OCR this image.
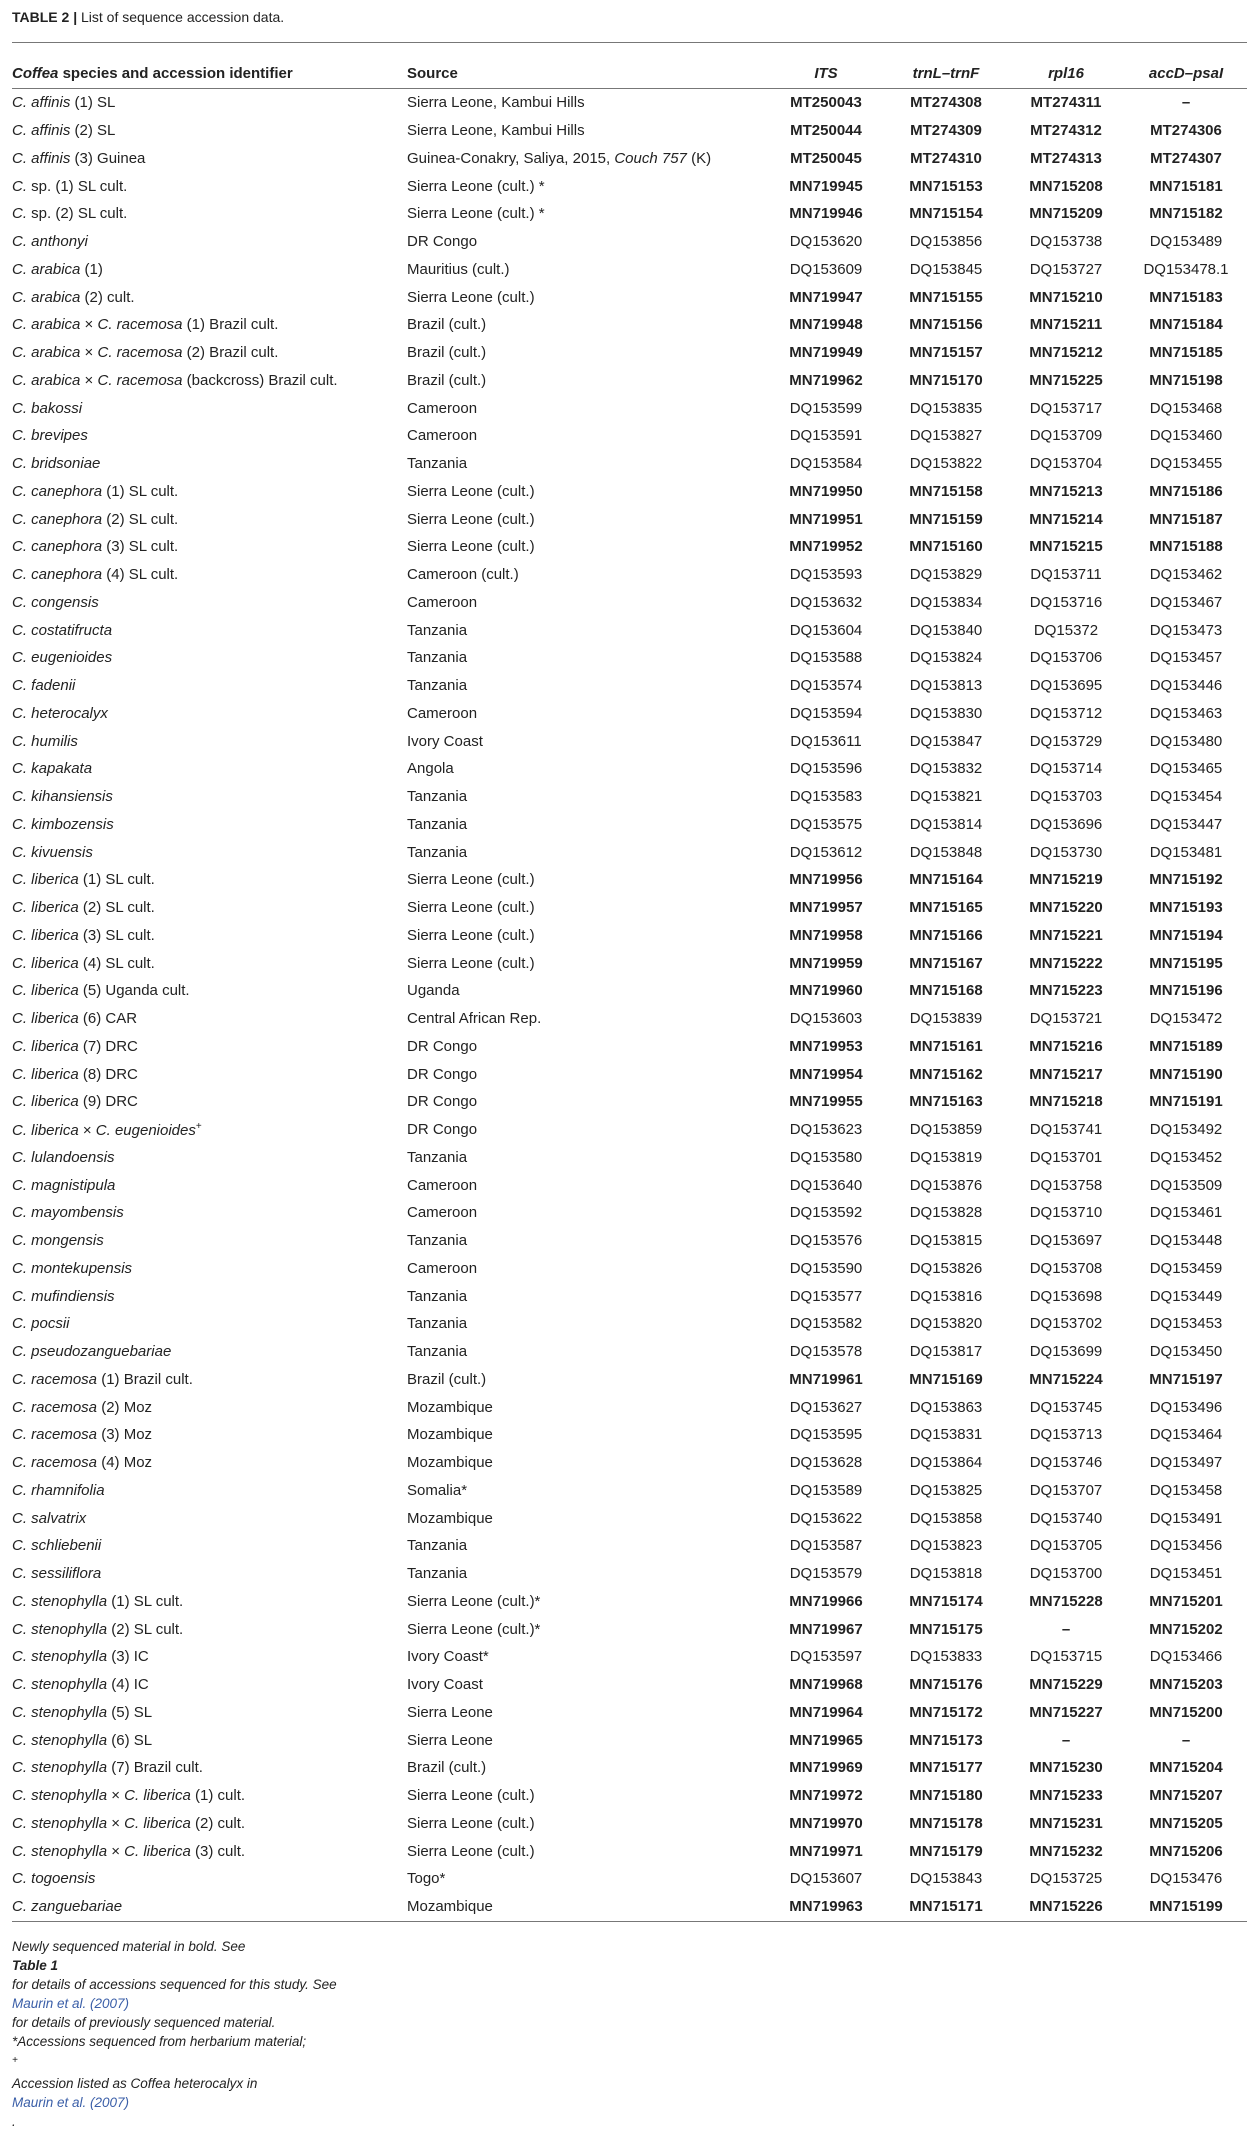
TABLE 2 | List of sequence accession data.
Coffea species and accession identifier	Source	ITS	trnL–trnF	rpl16	accD–psaI
C. affinis (1) SL	Sierra Leone, Kambui Hills	MT250043	MT274308	MT274311	–
C. affinis (2) SL	Sierra Leone, Kambui Hills	MT250044	MT274309	MT274312	MT274306
C. affinis (3) Guinea	Guinea-Conakry, Saliya, 2015, Couch 757 (K)	MT250045	MT274310	MT274313	MT274307
C. sp. (1) SL cult.	Sierra Leone (cult.) *	MN719945	MN715153	MN715208	MN715181
C. sp. (2) SL cult.	Sierra Leone (cult.) *	MN719946	MN715154	MN715209	MN715182
C. anthonyi	DR Congo	DQ153620	DQ153856	DQ153738	DQ153489
C. arabica (1)	Mauritius (cult.)	DQ153609	DQ153845	DQ153727	DQ153478.1
C. arabica (2) cult.	Sierra Leone (cult.)	MN719947	MN715155	MN715210	MN715183
C. arabica × C. racemosa (1) Brazil cult.	Brazil (cult.)	MN719948	MN715156	MN715211	MN715184
C. arabica × C. racemosa (2) Brazil cult.	Brazil (cult.)	MN719949	MN715157	MN715212	MN715185
C. arabica × C. racemosa (backcross) Brazil cult.	Brazil (cult.)	MN719962	MN715170	MN715225	MN715198
C. bakossi	Cameroon	DQ153599	DQ153835	DQ153717	DQ153468
C. brevipes	Cameroon	DQ153591	DQ153827	DQ153709	DQ153460
C. bridsoniae	Tanzania	DQ153584	DQ153822	DQ153704	DQ153455
C. canephora (1) SL cult.	Sierra Leone (cult.)	MN719950	MN715158	MN715213	MN715186
C. canephora (2) SL cult.	Sierra Leone (cult.)	MN719951	MN715159	MN715214	MN715187
C. canephora (3) SL cult.	Sierra Leone (cult.)	MN719952	MN715160	MN715215	MN715188
C. canephora (4) SL cult.	Cameroon (cult.)	DQ153593	DQ153829	DQ153711	DQ153462
C. congensis	Cameroon	DQ153632	DQ153834	DQ153716	DQ153467
C. costatifructa	Tanzania	DQ153604	DQ153840	DQ15372	DQ153473
C. eugenioides	Tanzania	DQ153588	DQ153824	DQ153706	DQ153457
C. fadenii	Tanzania	DQ153574	DQ153813	DQ153695	DQ153446
C. heterocalyx	Cameroon	DQ153594	DQ153830	DQ153712	DQ153463
C. humilis	Ivory Coast	DQ153611	DQ153847	DQ153729	DQ153480
C. kapakata	Angola	DQ153596	DQ153832	DQ153714	DQ153465
C. kihansiensis	Tanzania	DQ153583	DQ153821	DQ153703	DQ153454
C. kimbozensis	Tanzania	DQ153575	DQ153814	DQ153696	DQ153447
C. kivuensis	Tanzania	DQ153612	DQ153848	DQ153730	DQ153481
C. liberica (1) SL cult.	Sierra Leone (cult.)	MN719956	MN715164	MN715219	MN715192
C. liberica (2) SL cult.	Sierra Leone (cult.)	MN719957	MN715165	MN715220	MN715193
C. liberica (3) SL cult.	Sierra Leone (cult.)	MN719958	MN715166	MN715221	MN715194
C. liberica (4) SL cult.	Sierra Leone (cult.)	MN719959	MN715167	MN715222	MN715195
C. liberica (5) Uganda cult.	Uganda	MN719960	MN715168	MN715223	MN715196
C. liberica (6) CAR	Central African Rep.	DQ153603	DQ153839	DQ153721	DQ153472
C. liberica (7) DRC	DR Congo	MN719953	MN715161	MN715216	MN715189
C. liberica (8) DRC	DR Congo	MN719954	MN715162	MN715217	MN715190
C. liberica (9) DRC	DR Congo	MN719955	MN715163	MN715218	MN715191
C. liberica × C. eugenioides+	DR Congo	DQ153623	DQ153859	DQ153741	DQ153492
C. lulandoensis	Tanzania	DQ153580	DQ153819	DQ153701	DQ153452
C. magnistipula	Cameroon	DQ153640	DQ153876	DQ153758	DQ153509
C. mayombensis	Cameroon	DQ153592	DQ153828	DQ153710	DQ153461
C. mongensis	Tanzania	DQ153576	DQ153815	DQ153697	DQ153448
C. montekupensis	Cameroon	DQ153590	DQ153826	DQ153708	DQ153459
C. mufindiensis	Tanzania	DQ153577	DQ153816	DQ153698	DQ153449
C. pocsii	Tanzania	DQ153582	DQ153820	DQ153702	DQ153453
C. pseudozanguebariae	Tanzania	DQ153578	DQ153817	DQ153699	DQ153450
C. racemosa (1) Brazil cult.	Brazil (cult.)	MN719961	MN715169	MN715224	MN715197
C. racemosa (2) Moz	Mozambique	DQ153627	DQ153863	DQ153745	DQ153496
C. racemosa (3) Moz	Mozambique	DQ153595	DQ153831	DQ153713	DQ153464
C. racemosa (4) Moz	Mozambique	DQ153628	DQ153864	DQ153746	DQ153497
C. rhamnifolia	Somalia*	DQ153589	DQ153825	DQ153707	DQ153458
C. salvatrix	Mozambique	DQ153622	DQ153858	DQ153740	DQ153491
C. schliebenii	Tanzania	DQ153587	DQ153823	DQ153705	DQ153456
C. sessiliflora	Tanzania	DQ153579	DQ153818	DQ153700	DQ153451
C. stenophylla (1) SL cult.	Sierra Leone (cult.)*	MN719966	MN715174	MN715228	MN715201
C. stenophylla (2) SL cult.	Sierra Leone (cult.)*	MN719967	MN715175	–	MN715202
C. stenophylla (3) IC	Ivory Coast*	DQ153597	DQ153833	DQ153715	DQ153466
C. stenophylla (4) IC	Ivory Coast	MN719968	MN715176	MN715229	MN715203
C. stenophylla (5) SL	Sierra Leone	MN719964	MN715172	MN715227	MN715200
C. stenophylla (6) SL	Sierra Leone	MN719965	MN715173	–	–
C. stenophylla (7) Brazil cult.	Brazil (cult.)	MN719969	MN715177	MN715230	MN715204
C. stenophylla × C. liberica (1) cult.	Sierra Leone (cult.)	MN719972	MN715180	MN715233	MN715207
C. stenophylla × C. liberica (2) cult.	Sierra Leone (cult.)	MN719970	MN715178	MN715231	MN715205
C. stenophylla × C. liberica (3) cult.	Sierra Leone (cult.)	MN719971	MN715179	MN715232	MN715206
C. togoensis	Togo*	DQ153607	DQ153843	DQ153725	DQ153476
C. zanguebariae	Mozambique	MN719963	MN715171	MN715226	MN715199
Newly sequenced material in bold. See
Table 1
for details of accessions sequenced for this study. See
Maurin et al. (2007)
for details of previously sequenced material.
*Accessions sequenced from herbarium material;
+
Accession listed as Coffea heterocalyx in
Maurin et al. (2007)
.
